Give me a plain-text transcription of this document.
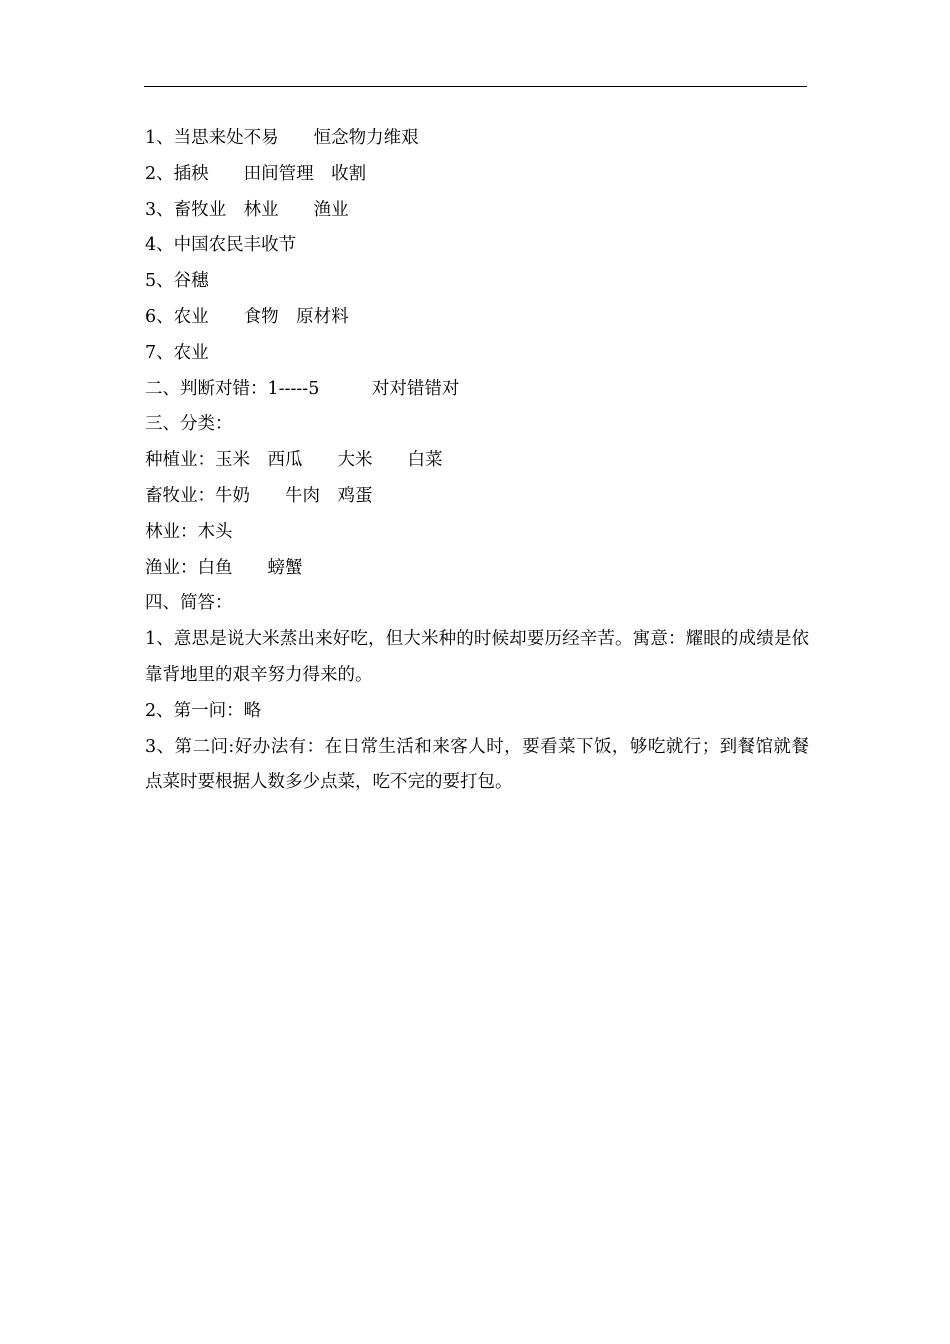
1、当思来处不易　　恒念物力维艰

2、插秧　　田间管理　收割

3、畜牧业　林业　　渔业

4、中国农民丰收节

5、谷穗

6、农业　　食物　原材料

7、农业

二、判断对错：1-----5　　　对对错错对

三、分类：

种植业：玉米　西瓜　　大米　　白菜

畜牧业：牛奶　　牛肉　鸡蛋

林业：木头

渔业：白鱼　　螃蟹

四、简答：

1、意思是说大米蒸出来好吃，但大米种的时候却要历经辛苦。寓意：耀眼的成绩是依靠背地里的艰辛努力得来的。

2、第一问：略

3、第二问:好办法有：在日常生活和来客人时，要看菜下饭，够吃就行；到餐馆就餐点菜时要根据人数多少点菜，吃不完的要打包。
